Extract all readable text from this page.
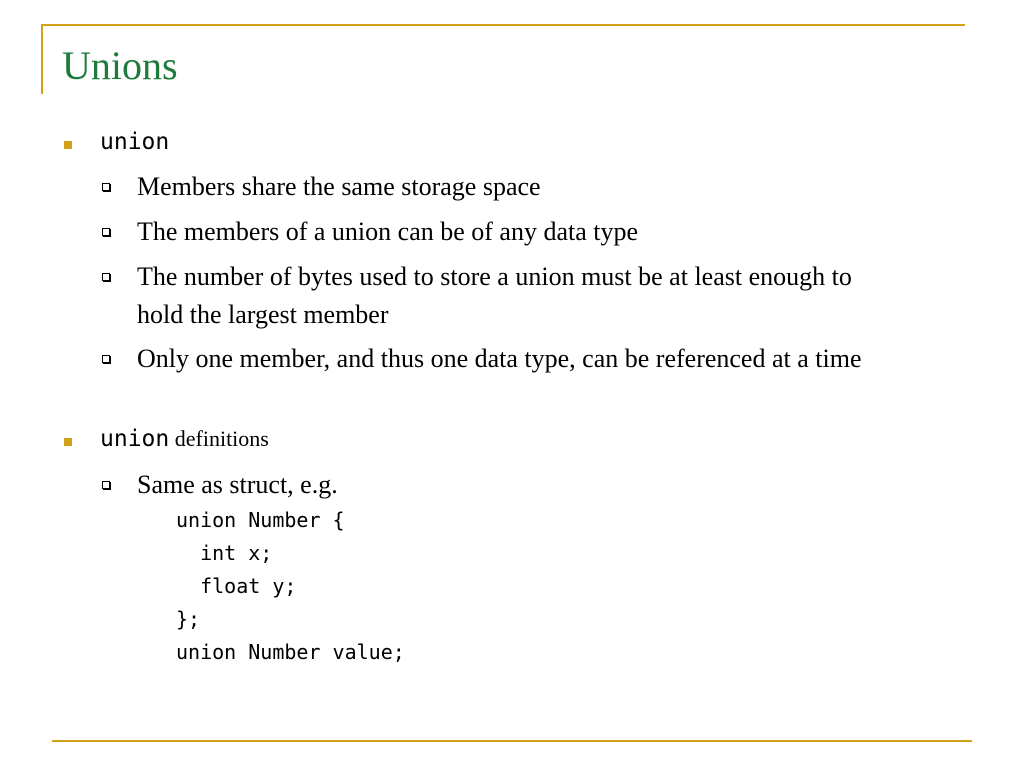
Unions
union
Members share the same storage space
The members of a union can be of any data type
The number of bytes used to store a union must be at least enough to hold the largest member
Only one member, and thus one data type, can be referenced at a time
union definitions
Same as struct, e.g.
union Number {
int x;
float y;
};
union Number value;
